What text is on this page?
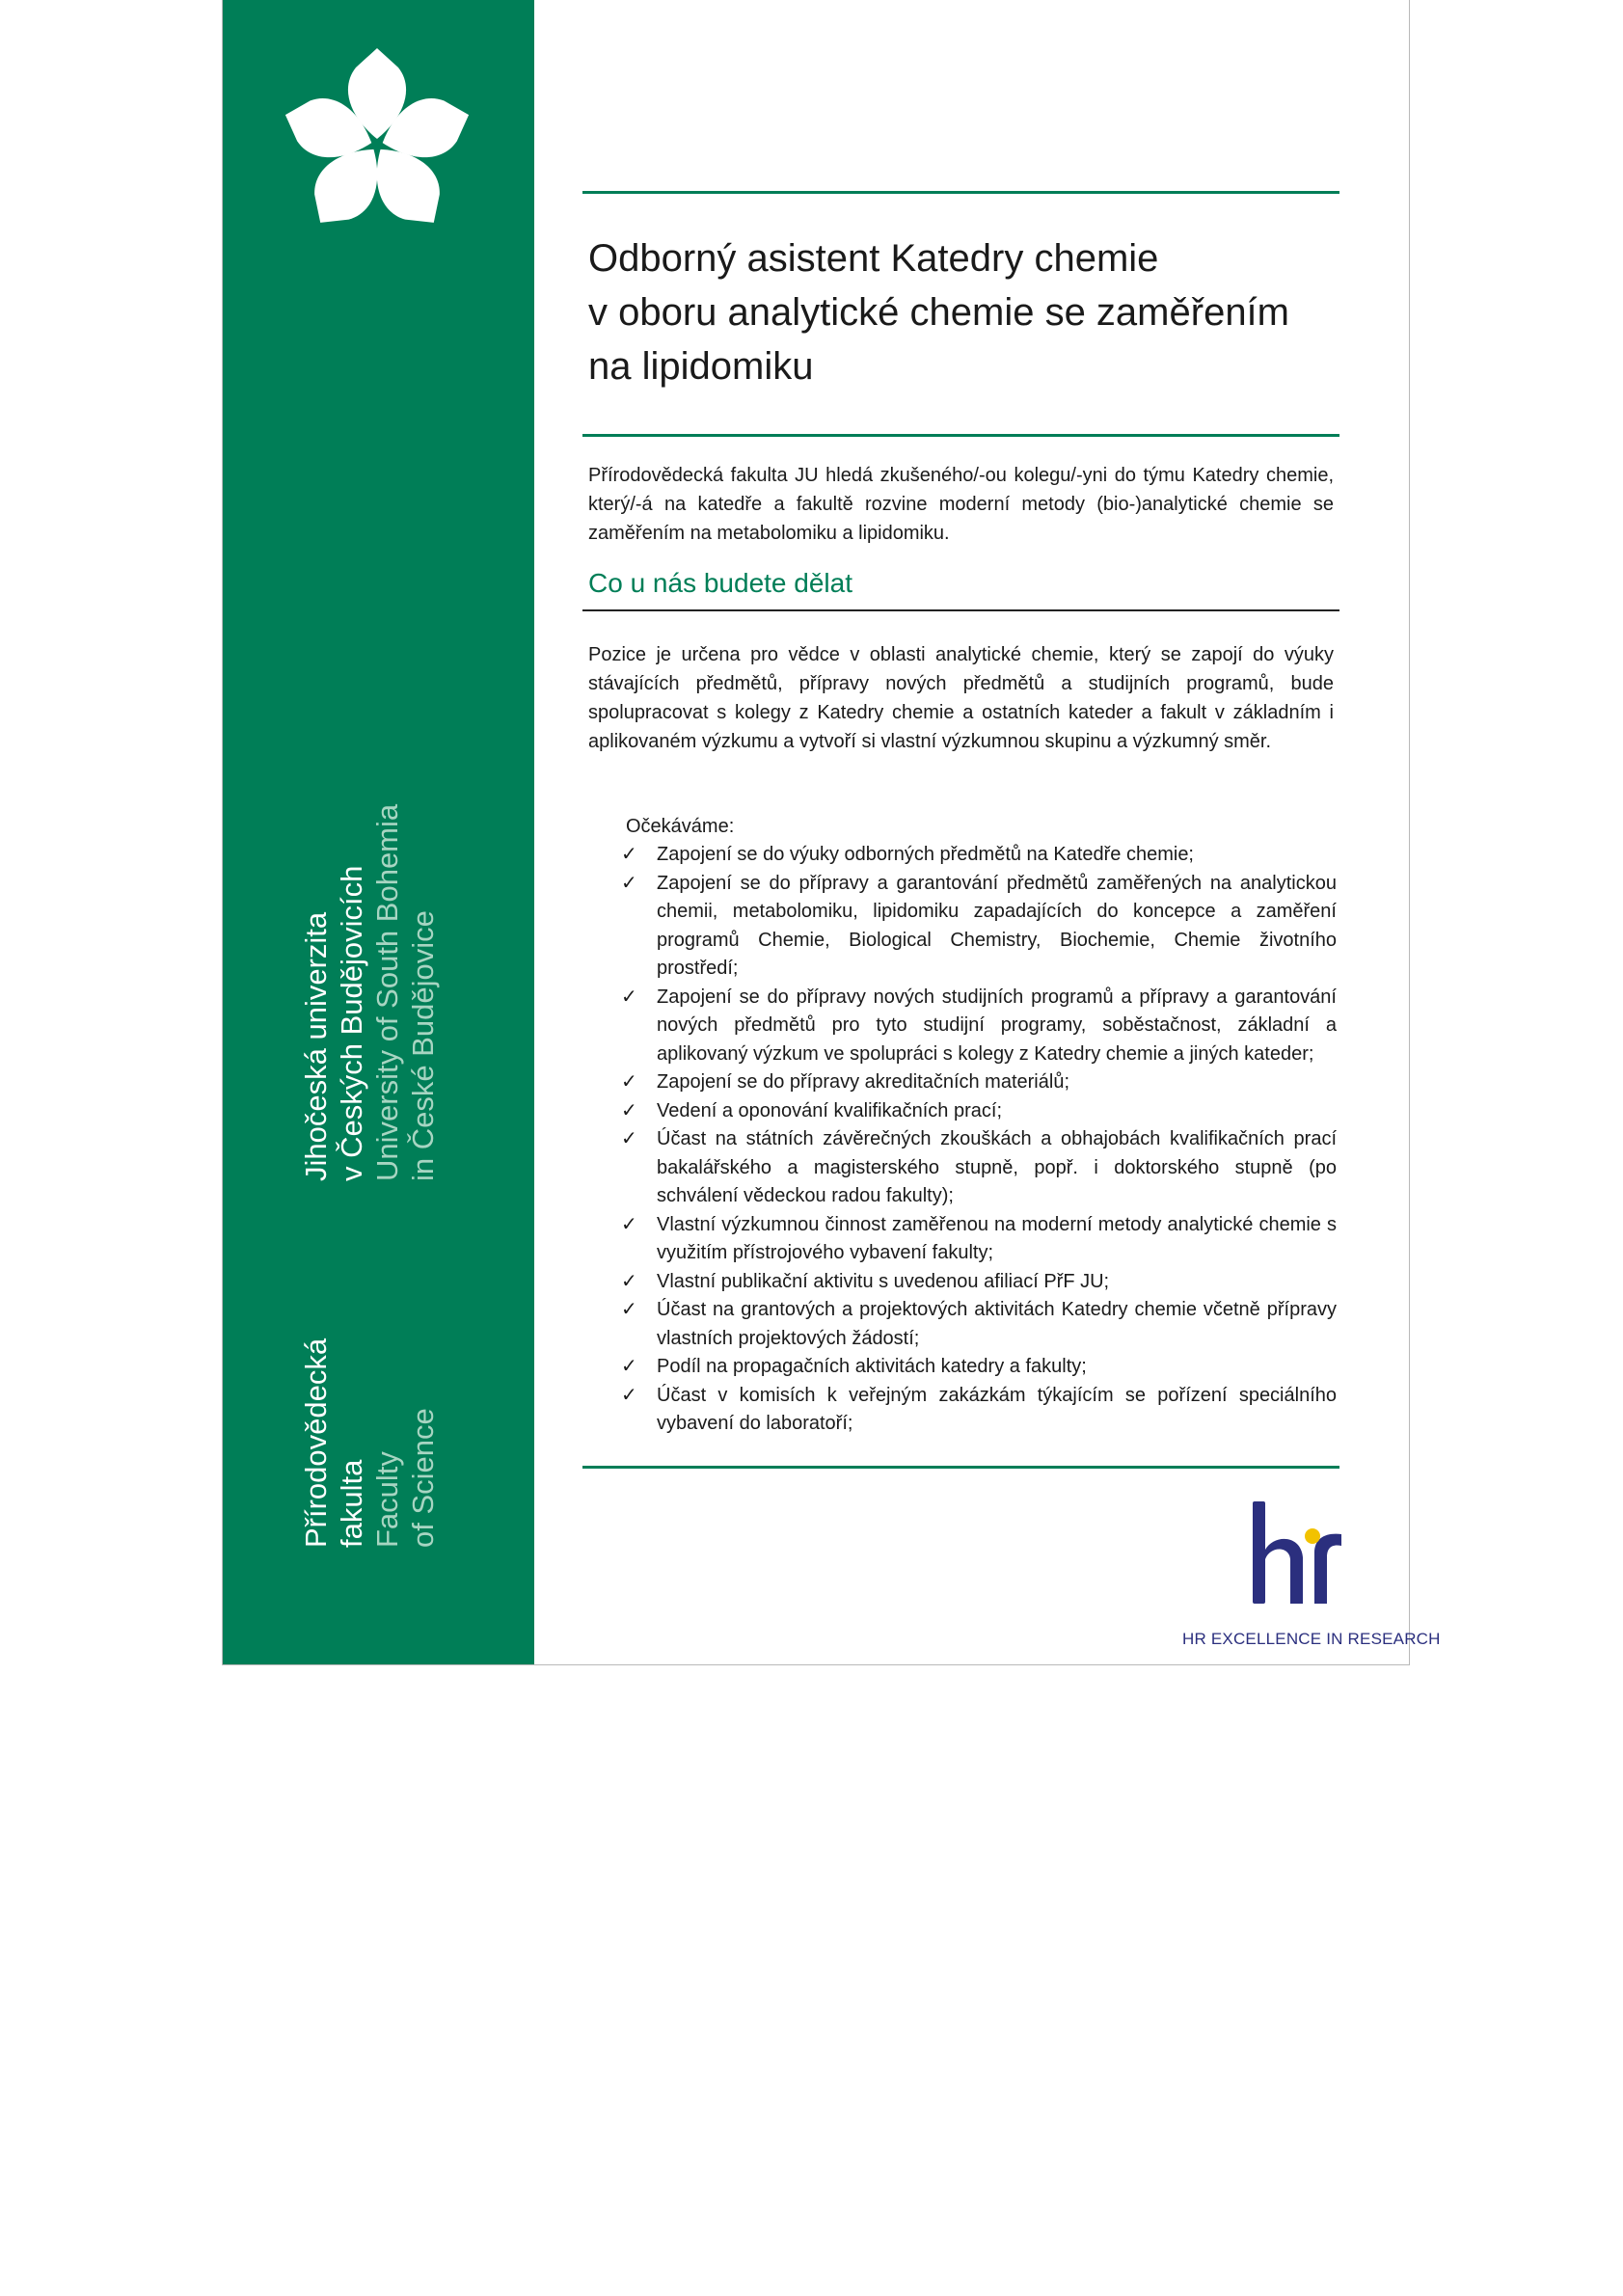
Přírodovědecká fakulta Faculty of Science
Jihočeská univerzita v Českých Budějovicích University of South Bohemia in České Budějovice
Odborný asistent Katedry chemie
v oboru analytické chemie se zaměřením
na lipidomiku

Přírodovědecká fakulta JU hledá zkušeného/-ou kolegu/-yni do týmu Katedry chemie, který/-á na katedře a fakultě rozvine moderní metody (bio-)analytické chemie se zaměřením na metabolomiku a lipidomiku.

Co u nás budete dělat

Pozice je určena pro vědce v oblasti analytické chemie, který se zapojí do výuky stávajících předmětů, přípravy nových předmětů a studijních programů, bude spolupracovat s kolegy z Katedry chemie a ostatních kateder a fakult v základním i aplikovaném výzkumu a vytvoří si vlastní výzkumnou skupinu a výzkumný směr.

Očekáváme:
✓ Zapojení se do výuky odborných předmětů na Katedře chemie;
✓ Zapojení se do přípravy a garantování předmětů zaměřených na analytickou chemii, metabolomiku, lipidomiku zapadajících do koncepce a zaměření programů Chemie, Biological Chemistry, Biochemie, Chemie životního prostředí;
✓ Zapojení se do přípravy nových studijních programů a přípravy a garantování nových předmětů pro tyto studijní programy, soběstačnost, základní a aplikovaný výzkum ve spolupráci s kolegy z Katedry chemie a jiných kateder;
✓ Zapojení se do přípravy akreditačních materiálů;
✓ Vedení a oponování kvalifikačních prací;
✓ Účast na státních závěrečných zkouškách a obhajobách kvalifikačních prací bakalářského a magisterského stupně, popř. i doktorského stupně (po schválení vědeckou radou fakulty);
✓ Vlastní výzkumnou činnost zaměřenou na moderní metody analytické chemie s využitím přístrojového vybavení fakulty;
✓ Vlastní publikační aktivitu s uvedenou afiliací PřF JU;
✓ Účast na grantových a projektových aktivitách Katedry chemie včetně přípravy vlastních projektových žádostí;
✓ Podíl na propagačních aktivitách katedry a fakulty;
✓ Účast v komisích k veřejným zakázkám týkajícím se pořízení speciálního vybavení do laboratoří;
HR EXCELLENCE IN RESEARCH
